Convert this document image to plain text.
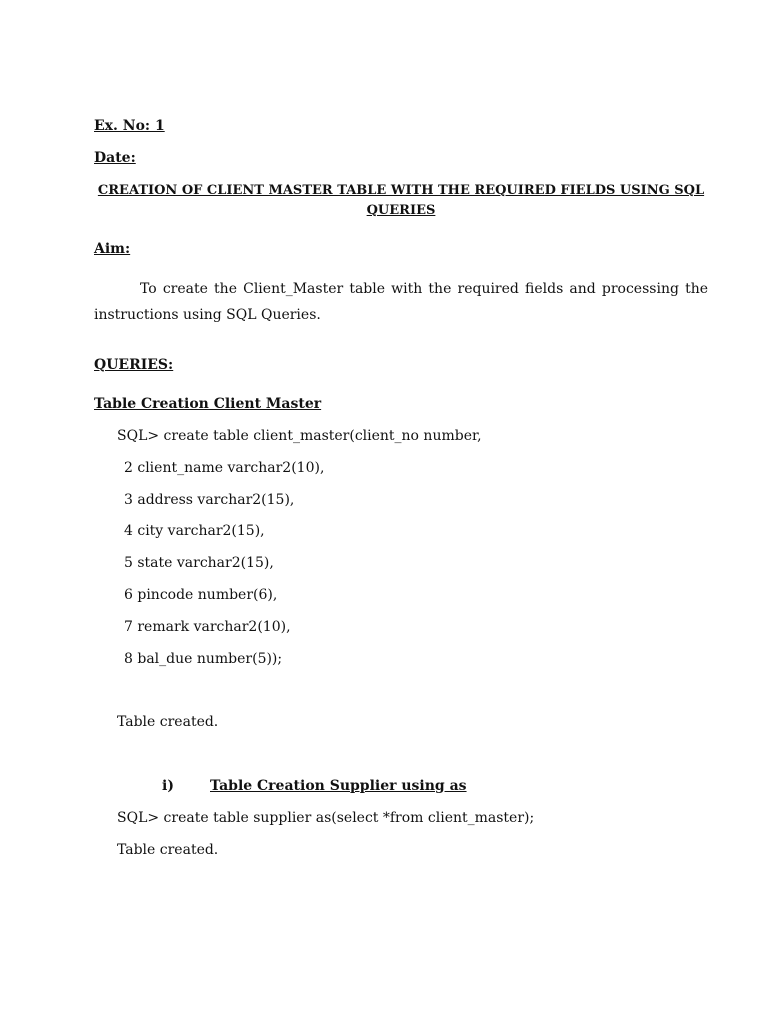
Ex. No: 1
Date:
CREATION OF CLIENT MASTER TABLE WITH THE REQUIRED FIELDS USING SQL
QUERIES
Aim:
To create the Client_Master table with the required fields and processing the instructions using SQL Queries.
QUERIES:
Table Creation Client Master
SQL> create table client_master(client_no number,
2 client_name varchar2(10),
3 address varchar2(15),
4 city varchar2(15),
5 state varchar2(15),
6 pincode number(6),
7 remark varchar2(10),
8 bal_due number(5));
Table created.
i)	Table Creation Supplier using as
SQL> create table supplier as(select *from client_master);
Table created.
